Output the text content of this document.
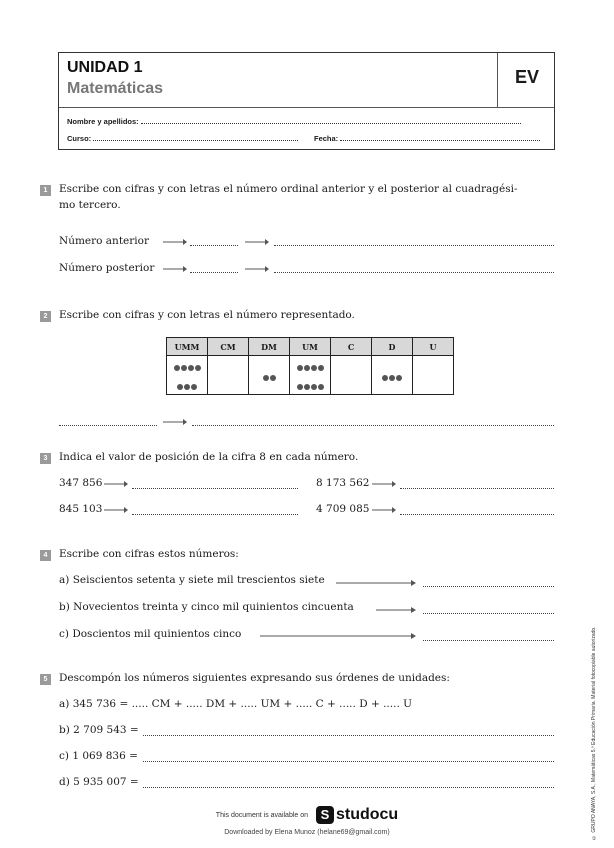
UNIDAD 1
Matemáticas
EV
Nombre y apellidos:
Curso:	Fecha:
1	Escribe con cifras y con letras el número ordinal anterior y el posterior al cuadragési-
mo tercero.
Número anterior
Número posterior
2	Escribe con cifras y con letras el número representado.
UMM	CM	DM	UM	C	D	U

3	Indica el valor de posición de la cifra 8 en cada número.
347 856	8 173 562
845 103	4 709 085
4	Escribe con cifras estos números:
a) Seiscientos setenta y siete mil trescientos siete
b) Novecientos treinta y cinco mil quinientos cincuenta
c) Doscientos mil quinientos cinco
5	Descompón los números siguientes expresando sus órdenes de unidades:
a) 345 736 = ..... CM + ..... DM + ..... UM + ..... C + ..... D + ..... U
b) 2 709 543 =
c) 1 069 836 =
d) 5 935 007 =	© GRUPO ANAYA, S.A., Matemáticas 5.º Educación Primaria. Material fotocopiable autorizado.
This document is available on S studocu
Downloaded by Elena Munoz (helane69@gmail.com)
